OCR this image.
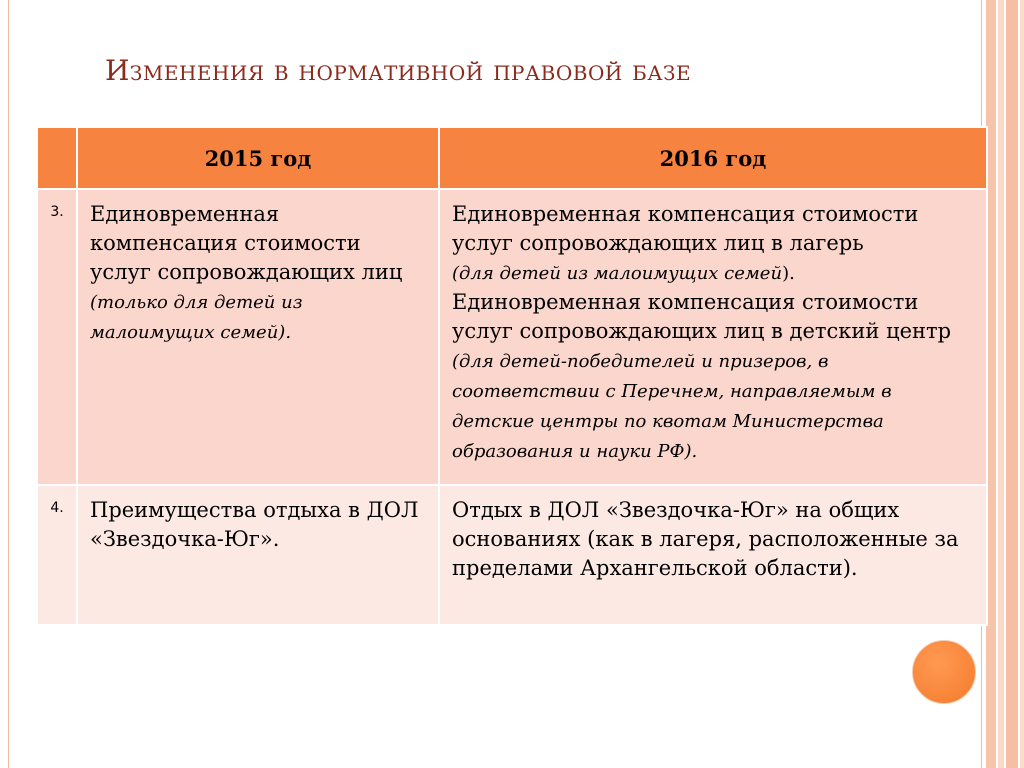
Изменения в нормативной правовой базе
	2015 год	2016 год
3.	Единовременная компенсация стоимости услуг сопровождающих лиц (только для детей из малоимущих семей).	Единовременная компенсация стоимости услуг сопровождающих лиц в лагерь
(для детей из малоимущих семей).
Единовременная компенсация стоимости услуг сопровождающих лиц в детский центр (для детей-победителей и призеров, в соответствии с Перечнем, направляемым в детские центры по квотам Министерства образования и науки РФ).

4.	Преимущества отдыха в ДОЛ «Звездочка-Юг».	Отдых в ДОЛ «Звездочка-Юг» на общих основаниях (как в лагеря, расположенные за пределами Архангельской области).
